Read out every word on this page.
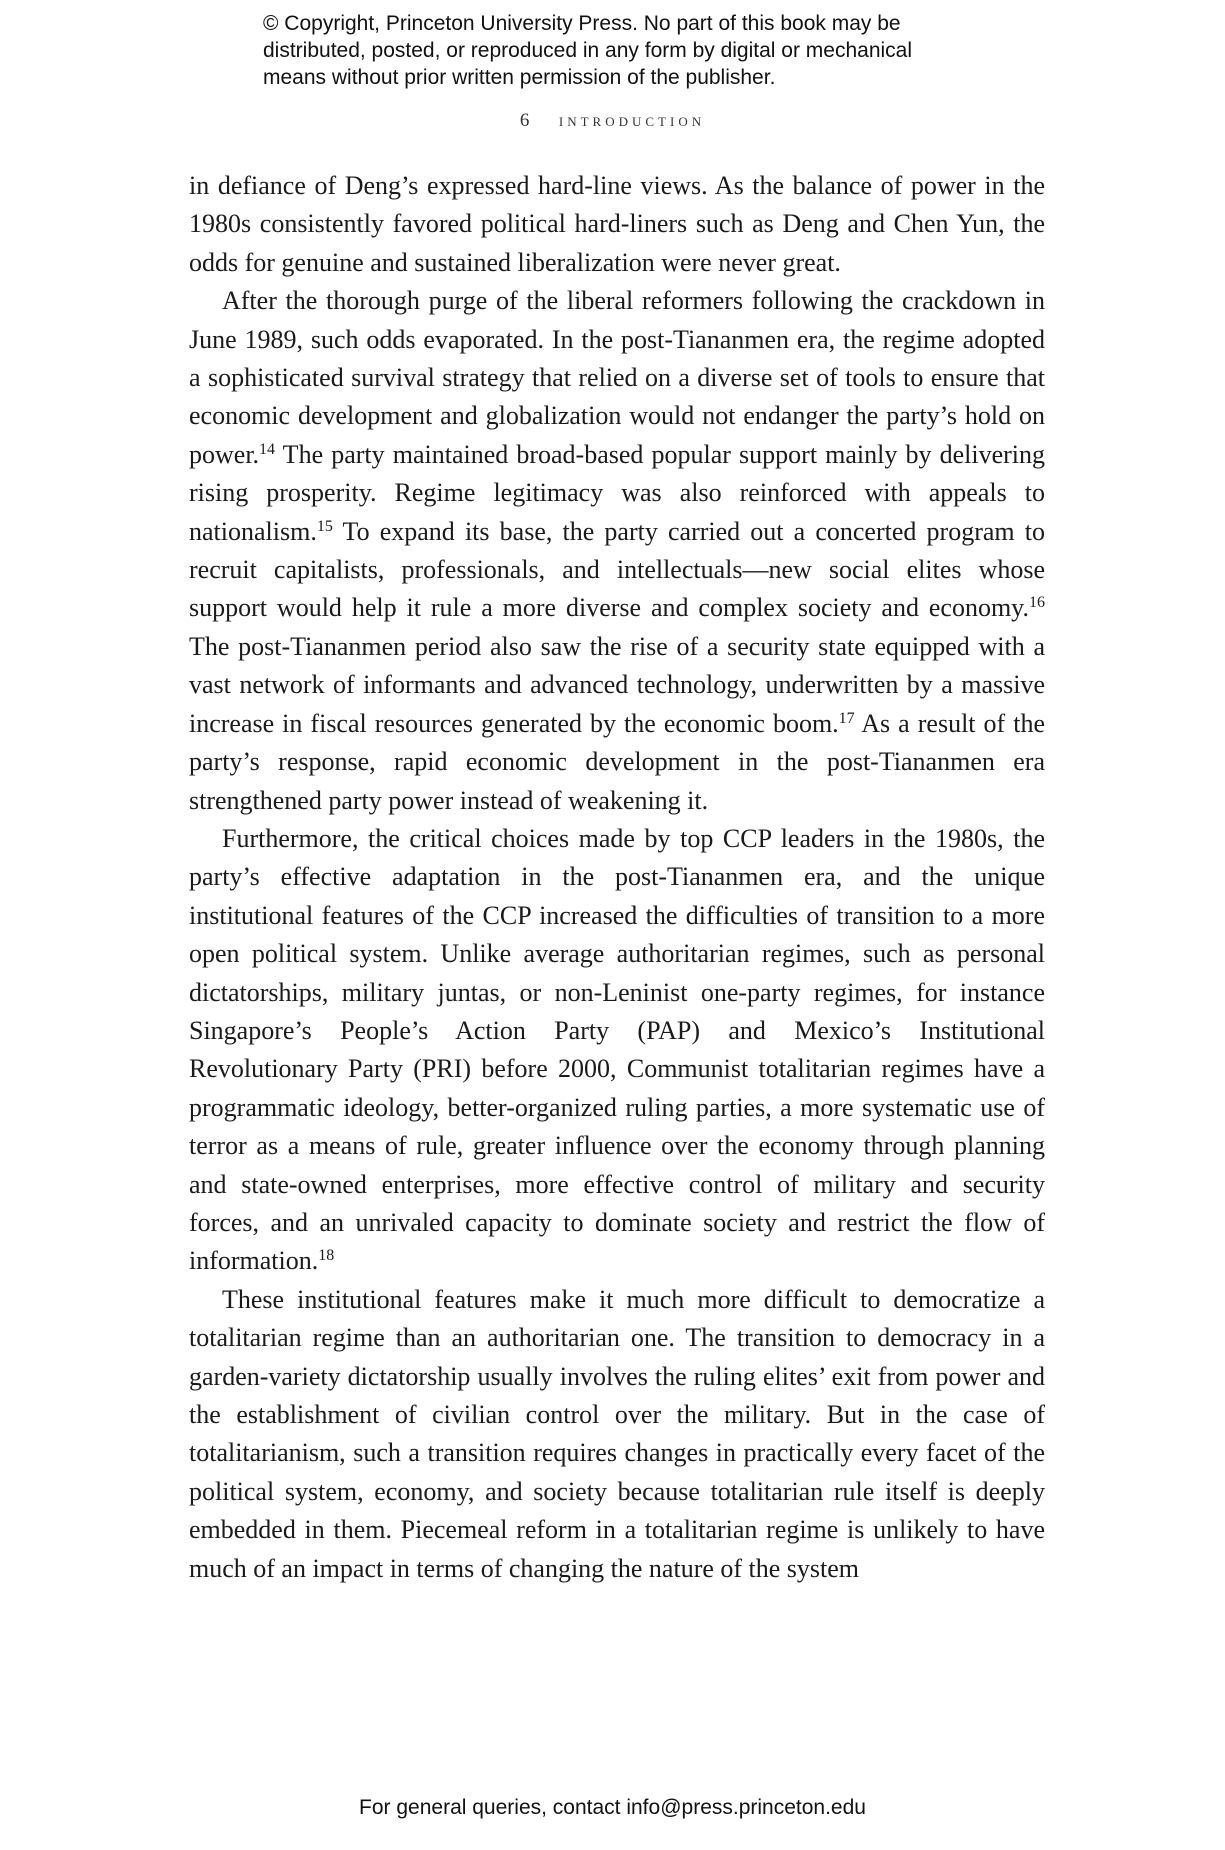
© Copyright, Princeton University Press. No part of this book may be
distributed, posted, or reproduced in any form by digital or mechanical
means without prior written permission of the publisher.
6 introduction

in defiance of Deng’s expressed hard-line views. As the balance of power in the 1980s consistently favored political hard-liners such as Deng and Chen Yun, the odds for genuine and sustained liberalization were never great.

After the thorough purge of the liberal reformers following the crackdown in June 1989, such odds evaporated. In the post-Tiananmen era, the regime adopted a sophisticated survival strategy that relied on a diverse set of tools to ensure that economic development and globalization would not endanger the party’s hold on power.$^{14}$ The party maintained broad-based popular support mainly by delivering rising prosperity. Regime legitimacy was also reinforced with appeals to nationalism.$^{15}$ To expand its base, the party carried out a concerted program to recruit capitalists, professionals, and intellectuals—new social elites whose support would help it rule a more diverse and complex society and economy.$^{16}$ The post-Tiananmen period also saw the rise of a security state equipped with a vast network of informants and advanced technology, underwritten by a massive increase in fiscal resources generated by the economic boom.$^{17}$ As a result of the party’s response, rapid economic development in the post-Tiananmen era strengthened party power instead of weakening it.

Furthermore, the critical choices made by top CCP leaders in the 1980s, the party’s effective adaptation in the post-Tiananmen era, and the unique institutional features of the CCP increased the difficulties of transition to a more open political system. Unlike average authoritarian regimes, such as personal dictatorships, military juntas, or non-Leninist one-party regimes, for instance Singapore’s People’s Action Party (PAP) and Mexico’s Institutional Revolutionary Party (PRI) before 2000, Communist totalitarian regimes have a programmatic ideology, better-organized ruling parties, a more systematic use of terror as a means of rule, greater influence over the economy through planning and state-owned enterprises, more effective control of military and security forces, and an unrivaled capacity to dominate society and restrict the flow of information.$^{18}$

These institutional features make it much more difficult to democratize a totalitarian regime than an authoritarian one. The transition to democracy in a garden-variety dictatorship usually involves the ruling elites’ exit from power and the establishment of civilian control over the military. But in the case of totalitarianism, such a transition requires changes in practically every facet of the political system, economy, and society because totalitarian rule itself is deeply embedded in them. Piecemeal reform in a totalitarian regime is unlikely to have much of an impact in terms of changing the nature of the system

For general queries, contact info@press.princeton.edu
